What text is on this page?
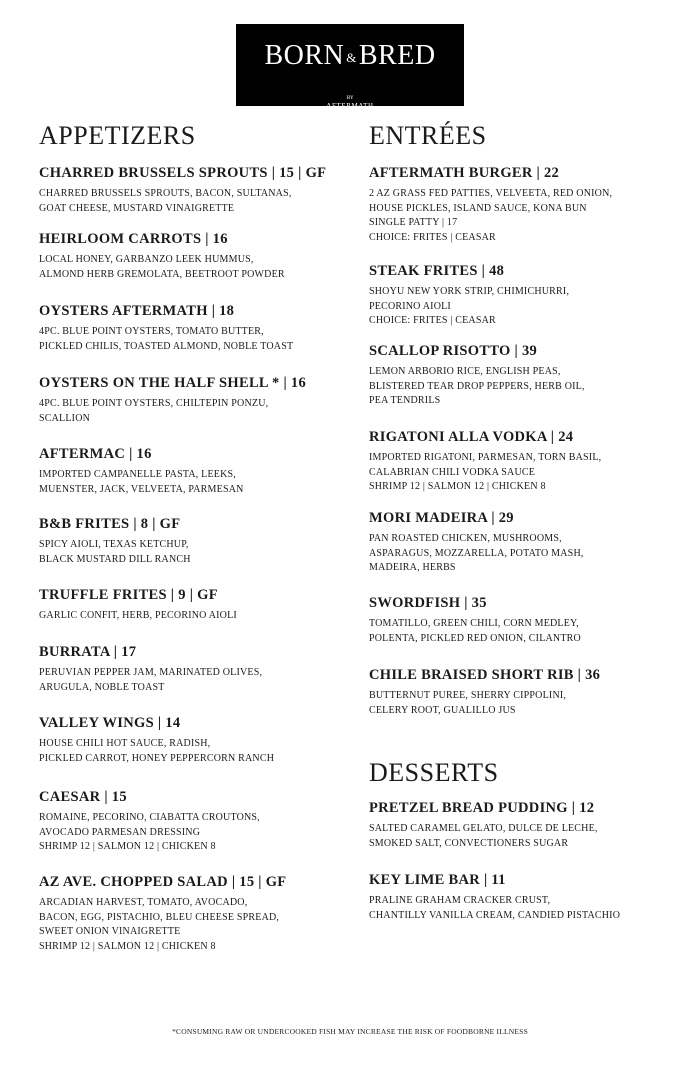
BORN &BRED
BY
AFTERMATH
APPETIZERS	ENTRÉES
DESSERTS
CHARRED BRUSSELS SPROUTS | 15 | GF
CHARRED BRUSSELS SPROUTS, BACON, SULTANAS,
GOAT CHEESE, MUSTARD VINAIGRETTE
HEIRLOOM CARROTS | 16
LOCAL HONEY, GARBANZO LEEK HUMMUS,
ALMOND HERB GREMOLATA, BEETROOT POWDER
OYSTERS AFTERMATH | 18
4PC. BLUE POINT OYSTERS, TOMATO BUTTER,
PICKLED CHILIS, TOASTED ALMOND, NOBLE TOAST
OYSTERS ON THE HALF SHELL * | 16
4PC. BLUE POINT OYSTERS, CHILTEPIN PONZU,
SCALLION
AFTERMAC | 16
IMPORTED CAMPANELLE PASTA, LEEKS,
MUENSTER, JACK, VELVEETA, PARMESAN
B&B FRITES | 8 | GF
SPICY AIOLI, TEXAS KETCHUP,
BLACK MUSTARD DILL RANCH
TRUFFLE FRITES | 9 | GF
GARLIC CONFIT, HERB, PECORINO AIOLI
BURRATA | 17
PERUVIAN PEPPER JAM, MARINATED OLIVES,
ARUGULA, NOBLE TOAST
VALLEY WINGS | 14
HOUSE CHILI HOT SAUCE, RADISH,
PICKLED CARROT, HONEY PEPPERCORN RANCH
CAESAR | 15
ROMAINE, PECORINO, CIABATTA CROUTONS,
AVOCADO PARMESAN DRESSING
SHRIMP 12 | SALMON 12 | CHICKEN 8
AZ AVE. CHOPPED SALAD | 15 | GF
ARCADIAN HARVEST, TOMATO, AVOCADO,
BACON, EGG, PISTACHIO, BLEU CHEESE SPREAD,
SWEET ONION VINAIGRETTE
SHRIMP 12 | SALMON 12 | CHICKEN 8
AFTERMATH BURGER | 22
2 AZ GRASS FED PATTIES, VELVEETA, RED ONION,
HOUSE PICKLES, ISLAND SAUCE, KONA BUN
SINGLE PATTY | 17
CHOICE: FRITES | CEASAR
STEAK FRITES | 48
SHOYU NEW YORK STRIP, CHIMICHURRI,
PECORINO AIOLI
CHOICE: FRITES | CEASAR
SCALLOP RISOTTO | 39
LEMON ARBORIO RICE, ENGLISH PEAS,
BLISTERED TEAR DROP PEPPERS, HERB OIL,
PEA TENDRILS
RIGATONI ALLA VODKA | 24
IMPORTED RIGATONI, PARMESAN, TORN BASIL,
CALABRIAN CHILI VODKA SAUCE
SHRIMP 12 | SALMON 12 | CHICKEN 8
MORI MADEIRA | 29
PAN ROASTED CHICKEN, MUSHROOMS,
ASPARAGUS, MOZZARELLA, POTATO MASH,
MADEIRA, HERBS
SWORDFISH | 35
TOMATILLO, GREEN CHILI, CORN MEDLEY,
POLENTA, PICKLED RED ONION, CILANTRO
CHILE BRAISED SHORT RIB | 36
BUTTERNUT PUREE, SHERRY CIPPOLINI,
CELERY ROOT, GUALILLO JUS
PRETZEL BREAD PUDDING | 12
SALTED CARAMEL GELATO, DULCE DE LECHE,
SMOKED SALT, CONVECTIONERS SUGAR
KEY LIME BAR | 11
PRALINE GRAHAM CRACKER CRUST,
CHANTILLY VANILLA CREAM, CANDIED PISTACHIO
*CONSUMING RAW OR UNDERCOOKED FISH MAY INCREASE THE RISK OF FOODBORNE ILLNESS
